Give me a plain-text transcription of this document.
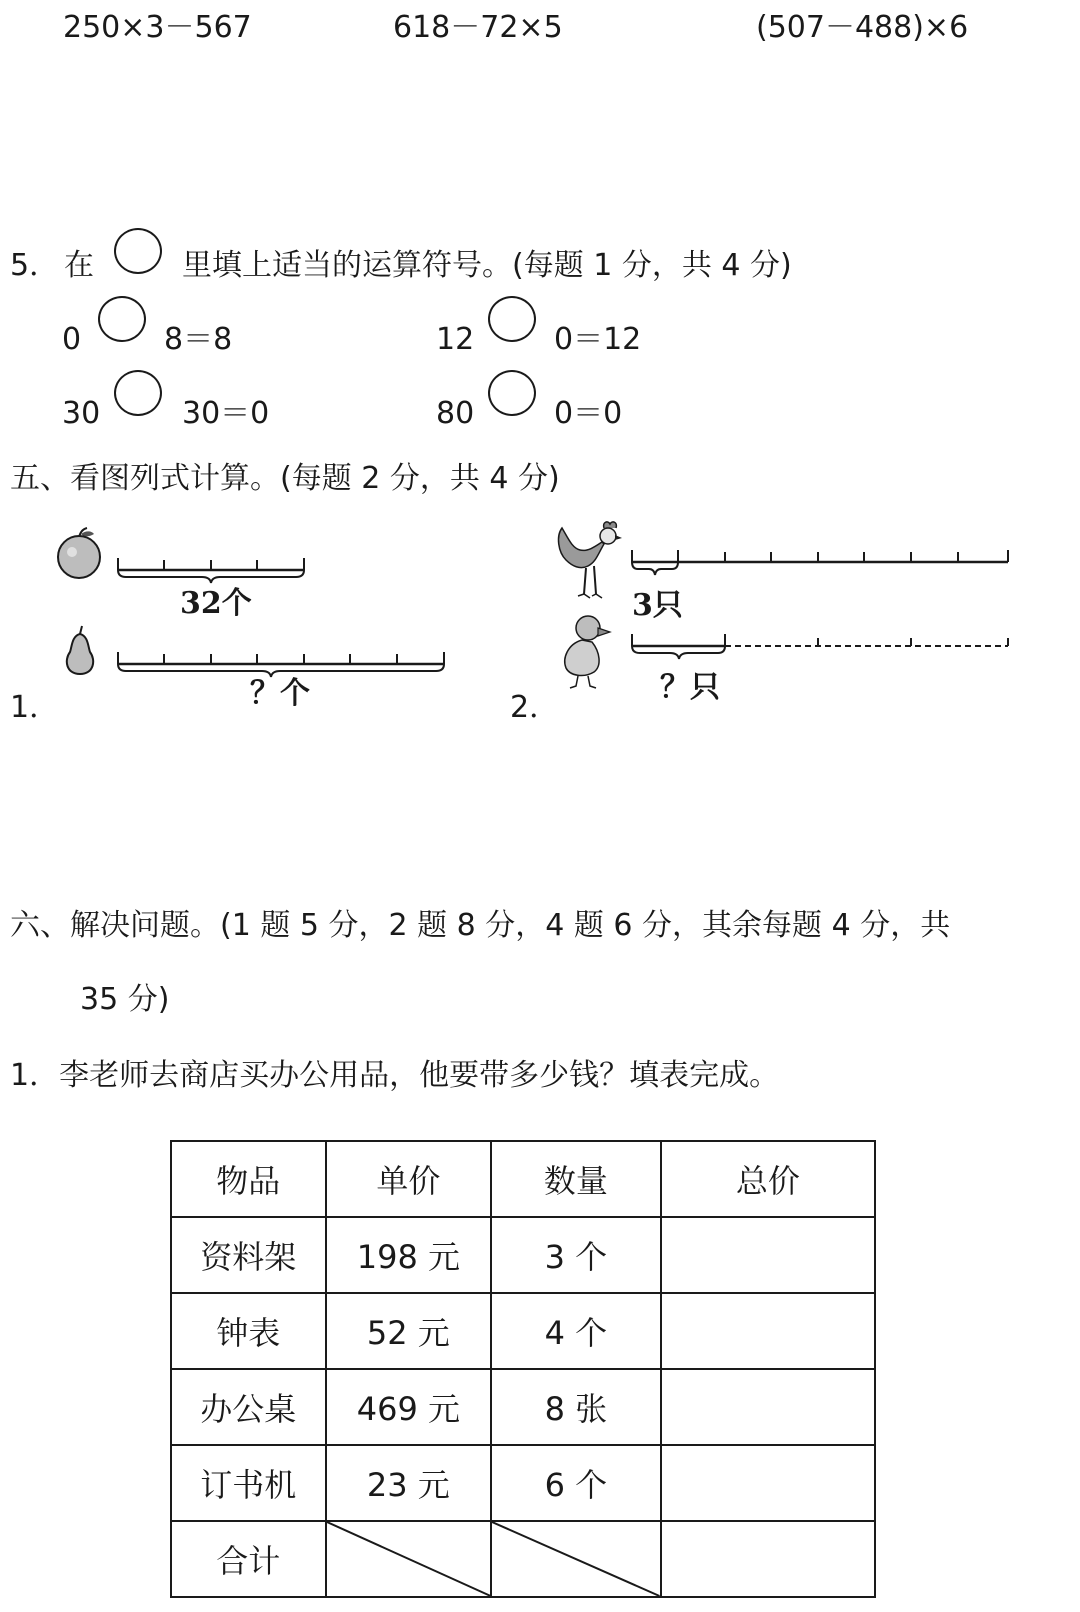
250×3－567	618－72×5	(507－488)×6
5． 在	里填上适当的运算符号。(每题 1 分，共 4 分)
0	8＝8	12	0＝12
30	30＝0	80	0＝0
五、看图列式计算。(每题 2 分，共 4 分)
32个
？个
1．
3只
？只
2．
六、解决问题。(1 题 5 分，2 题 8 分，4 题 6 分，其余每题 4 分，共
35 分)
1．李老师去商店买办公用品，他要带多少钱？填表完成。
物品	单价	数量	总价
资料架	198 元	3 个	
钟表	52 元	4 个	
办公桌	469 元	8 张	
订书机	23 元	6 个	
合计	
